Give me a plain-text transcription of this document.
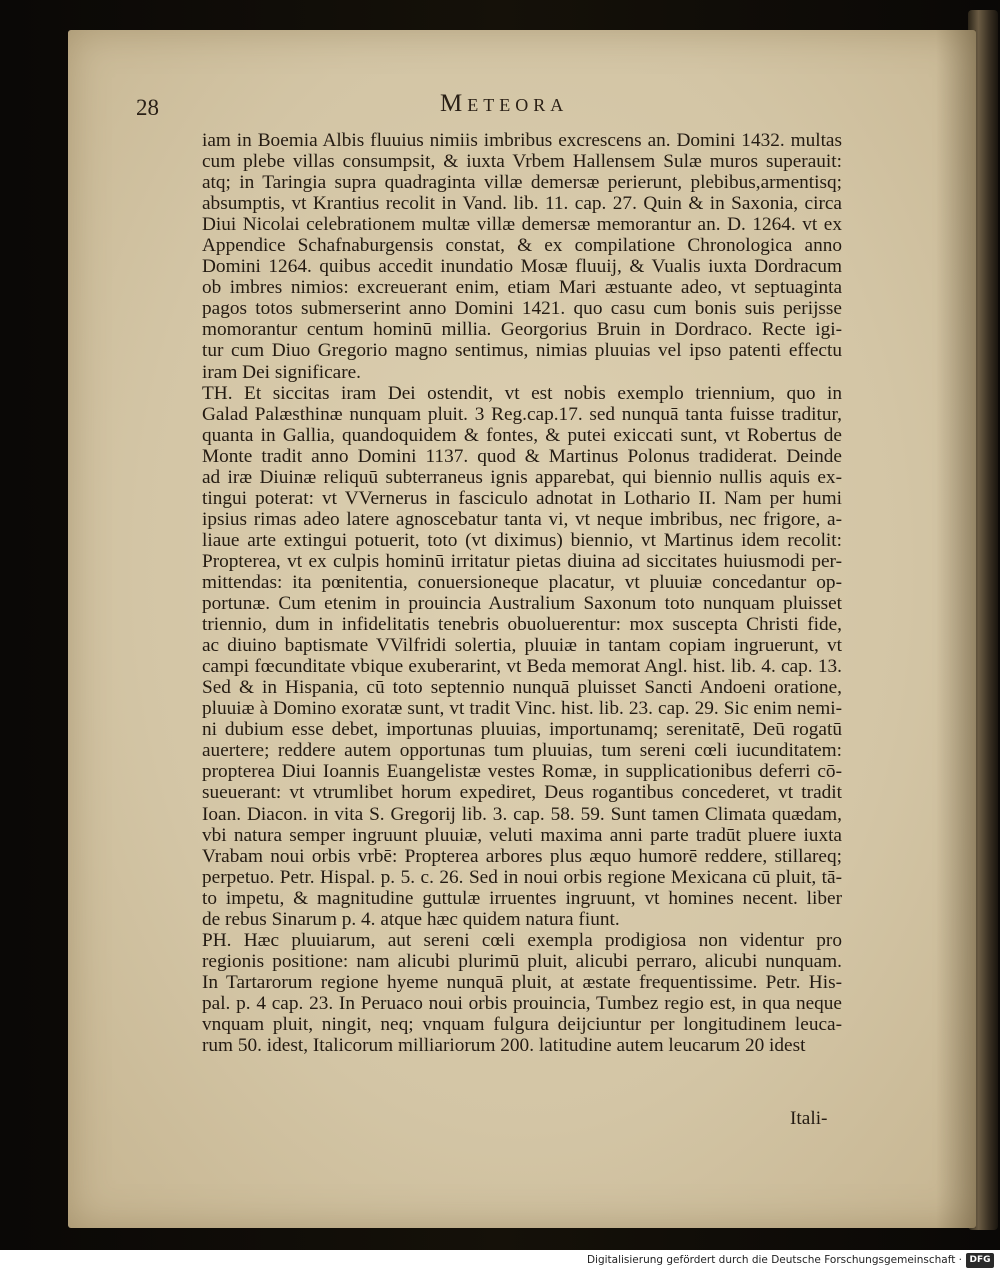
28	Meteora
iam in Boemia Albis fluuius nimiis imbribus excrescens an. Domini 1432. multas
cum plebe villas consumpsit, & iuxta Vrbem Hallensem Sulæ muros superauit:
atq; in Taringia supra quadraginta villæ demersæ perierunt, plebibus,armentisq;
absumptis, vt Krantius recolit in Vand. lib. 11. cap. 27. Quin & in Saxonia, circa
Diui Nicolai celebrationem multæ villæ demersæ memorantur an. D. 1264. vt ex
Appendice Schafnaburgensis constat, & ex compilatione Chronologica anno
Domini 1264. quibus accedit inundatio Mosæ fluuij, & Vualis iuxta Dordracum
ob imbres nimios: excreuerant enim, etiam Mari æstuante adeo, vt septuaginta
pagos totos submerserint anno Domini 1421. quo casu cum bonis suis perijsse
momorantur centum hominū millia. Georgorius Bruin in Dordraco. Recte igi-
tur cum Diuo Gregorio magno sentimus, nimias pluuias vel ipso patenti effectu
iram Dei significare.
TH. Et siccitas iram Dei ostendit, vt est nobis exemplo triennium, quo in
Galad Palæsthinæ nunquam pluit. 3 Reg.cap.17. sed nunquā tanta fuisse traditur,
quanta in Gallia, quandoquidem & fontes, & putei exiccati sunt, vt Robertus de
Monte tradit anno Domini 1137. quod & Martinus Polonus tradiderat. Deinde
ad iræ Diuinæ reliquū subterraneus ignis apparebat, qui biennio nullis aquis ex-
tingui poterat: vt VVernerus in fasciculo adnotat in Lothario II. Nam per humi
ipsius rimas adeo latere agnoscebatur tanta vi, vt neque imbribus, nec frigore, a-
liaue arte extingui potuerit, toto (vt diximus) biennio, vt Martinus idem recolit:
Propterea, vt ex culpis hominū irritatur pietas diuina ad siccitates huiusmodi per-
mittendas: ita pœnitentia, conuersioneque placatur, vt pluuiæ concedantur op-
portunæ. Cum etenim in prouincia Australium Saxonum toto nunquam pluisset
triennio, dum in infidelitatis tenebris obuoluerentur: mox suscepta Christi fide,
ac diuino baptismate VVilfridi solertia, pluuiæ in tantam copiam ingruerunt, vt
campi fœcunditate vbique exuberarint, vt Beda memorat Angl. hist. lib. 4. cap. 13.
Sed & in Hispania, cū toto septennio nunquā pluisset Sancti Andoeni oratione,
pluuiæ à Domino exoratæ sunt, vt tradit Vinc. hist. lib. 23. cap. 29. Sic enim nemi-
ni dubium esse debet, importunas pluuias, importunamq; serenitatē, Deū rogatū
auertere; reddere autem opportunas tum pluuias, tum sereni cœli iucunditatem:
propterea Diui Ioannis Euangelistæ vestes Romæ, in supplicationibus deferri cō-
sueuerant: vt vtrumlibet horum expediret, Deus rogantibus concederet, vt tradit
Ioan. Diacon. in vita S. Gregorij lib. 3. cap. 58. 59. Sunt tamen Climata quædam,
vbi natura semper ingruunt pluuiæ, veluti maxima anni parte tradūt pluere iuxta
Vrabam noui orbis vrbē: Propterea arbores plus æquo humorē reddere, stillareq;
perpetuo. Petr. Hispal. p. 5. c. 26. Sed in noui orbis regione Mexicana cū pluit, tā-
to impetu, & magnitudine guttulæ irruentes ingruunt, vt homines necent. liber
de rebus Sinarum p. 4. atque hæc quidem natura fiunt.
PH. Hæc pluuiarum, aut sereni cœli exempla prodigiosa non videntur pro
regionis positione: nam alicubi plurimū pluit, alicubi perraro, alicubi nunquam.
In Tartarorum regione hyeme nunquā pluit, at æstate frequentissime. Petr. His-
pal. p. 4 cap. 23. In Peruaco noui orbis prouincia, Tumbez regio est, in qua neque
vnquam pluit, ningit, neq; vnquam fulgura deijciuntur per longitudinem leuca-
rum 50. idest, Italicorum milliariorum 200. latitudine autem leucarum 20 idest
Itali-
Digitalisierung gefördert durch die Deutsche Forschungsgemeinschaft · DFG
